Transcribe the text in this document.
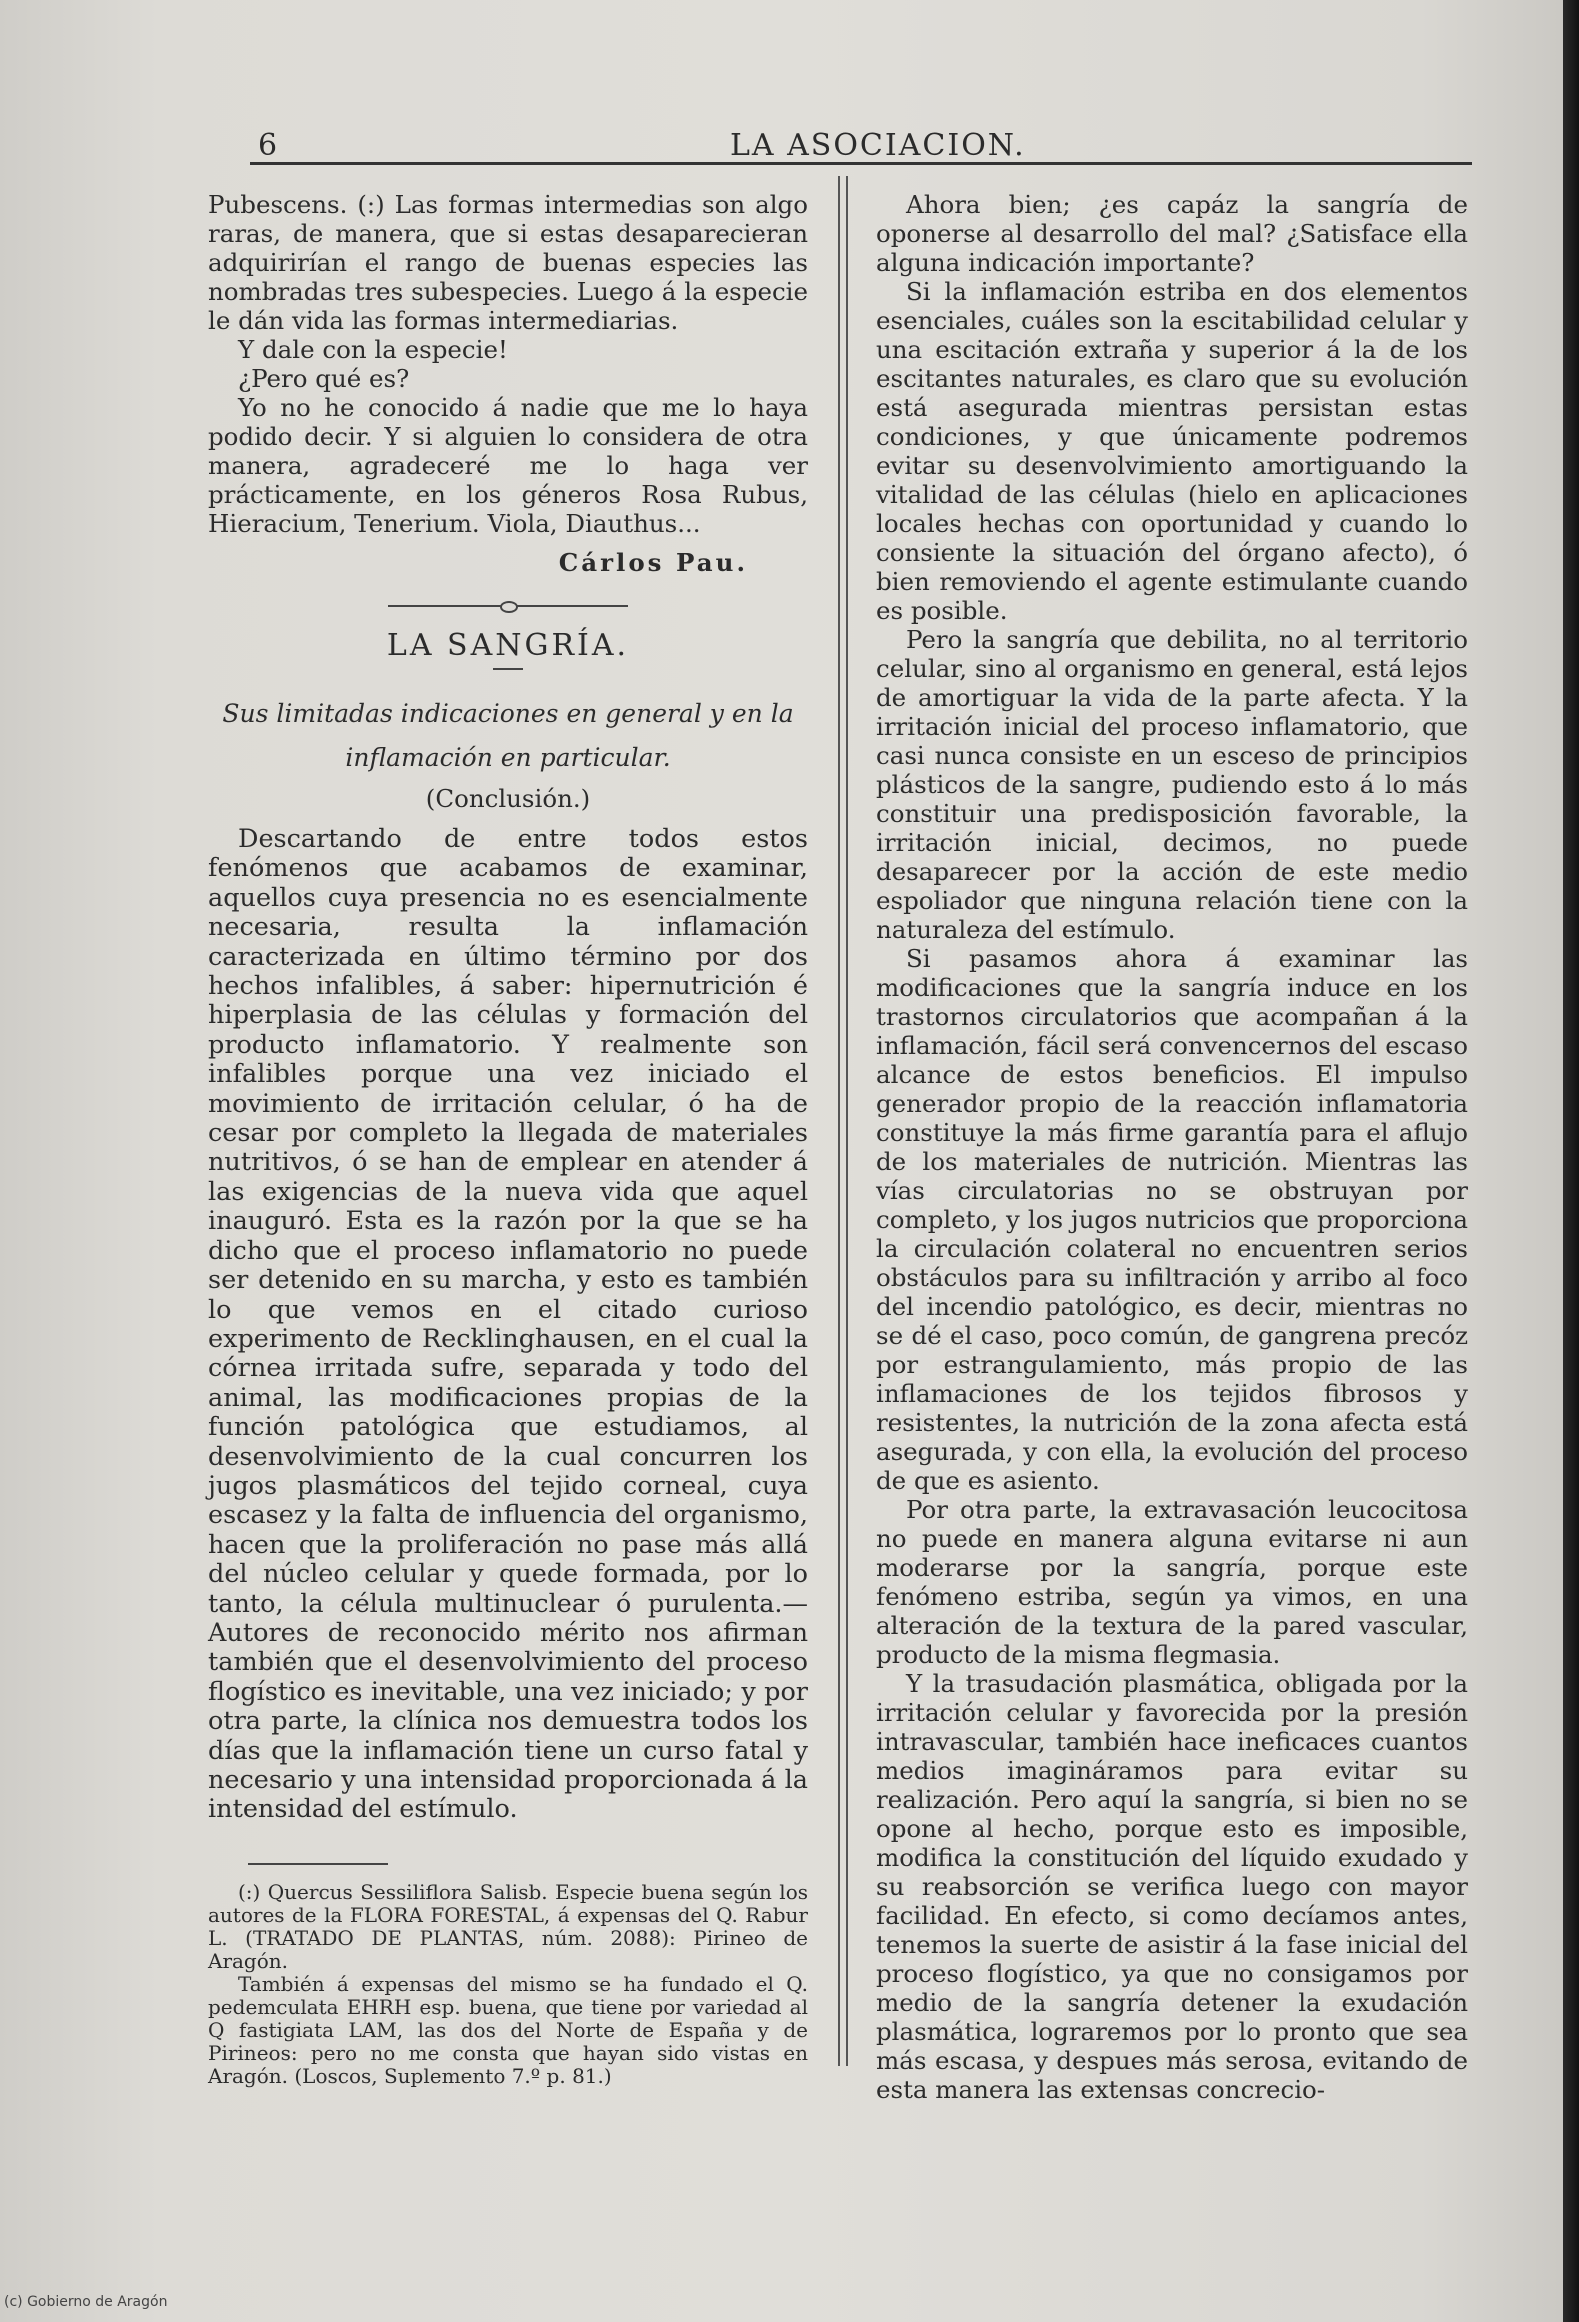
6	LA ASOCIACION.

Pubescens. (:) Las formas intermedias son algo raras, de manera, que si estas desaparecieran adquirirían el rango de buenas especies las nombradas tres subespecies. Luego á la especie le dán vida las formas intermediarias.

Y dale con la especie!

¿Pero qué es?

Yo no he conocido á nadie que me lo haya podido decir. Y si alguien lo considera de otra manera, agradeceré me lo haga ver prácticamente, en los géneros Rosa Rubus, Hieracium, Tenerium. Viola, Diauthus...

Cárlos Pau.

LA SANGRÍA.

Sus limitadas indicaciones en general y en la

inflamación en particular.

(Conclusión.)

Descartando de entre todos estos fenómenos que acabamos de examinar, aquellos cuya presencia no es esencialmente necesaria, resulta la inflamación caracterizada en último término por dos hechos infalibles, á saber: hipernutrición é hiperplasia de las células y formación del producto inflamatorio. Y realmente son infalibles porque una vez iniciado el movimiento de irritación celular, ó ha de cesar por completo la llegada de materiales nutritivos, ó se han de emplear en atender á las exigencias de la nueva vida que aquel inauguró. Esta es la razón por la que se ha dicho que el proceso inflamatorio no puede ser detenido en su marcha, y esto es también lo que vemos en el citado curioso experimento de Recklinghausen, en el cual la córnea irritada sufre, separada y todo del animal, las modificaciones propias de la función patológica que estudiamos, al desenvolvimiento de la cual concurren los jugos plasmáticos del tejido corneal, cuya escasez y la falta de influencia del organismo, hacen que la proliferación no pase más allá del núcleo celular y quede formada, por lo tanto, la célula multinuclear ó purulenta.—Autores de reconocido mérito nos afirman también que el desenvolvimiento del proceso flogístico es inevitable, una vez iniciado; y por otra parte, la clínica nos demuestra todos los días que la inflamación tiene un curso fatal y necesario y una intensidad proporcionada á la intensidad del estímulo.

(:) Quercus Sessiliflora Salisb. Especie buena según los autores de la FLORA FORESTAL, á expensas del Q. Rabur L. (TRATADO DE PLANTAS, núm. 2088): Pirineo de Aragón.

También á expensas del mismo se ha fundado el Q. pedemculata EHRH esp. buena, que tiene por variedad al Q fastigiata LAM, las dos del Norte de España y de Pirineos: pero no me consta que hayan sido vistas en Aragón. (Loscos, Suplemento 7.º p. 81.)

Ahora bien; ¿es capáz la sangría de oponerse al desarrollo del mal? ¿Satisface ella alguna indicación importante?

Si la inflamación estriba en dos elementos esenciales, cuáles son la escitabilidad celular y una escitación extraña y superior á la de los escitantes naturales, es claro que su evolución está asegurada mientras persistan estas condiciones, y que únicamente podremos evitar su desenvolvimiento amortiguando la vitalidad de las células (hielo en aplicaciones locales hechas con oportunidad y cuando lo consiente la situación del órgano afecto), ó bien removiendo el agente estimulante cuando es posible.

Pero la sangría que debilita, no al territorio celular, sino al organismo en general, está lejos de amortiguar la vida de la parte afecta. Y la irritación inicial del proceso inflamatorio, que casi nunca consiste en un esceso de principios plásticos de la sangre, pudiendo esto á lo más constituir una predisposición favorable, la irritación inicial, decimos, no puede desaparecer por la acción de este medio espoliador que ninguna relación tiene con la naturaleza del estímulo.

Si pasamos ahora á examinar las modificaciones que la sangría induce en los trastornos circulatorios que acompañan á la inflamación, fácil será convencernos del escaso alcance de estos beneficios. El impulso generador propio de la reacción inflamatoria constituye la más firme garantía para el aflujo de los materiales de nutrición. Mientras las vías circulatorias no se obstruyan por completo, y los jugos nutricios que proporciona la circulación colateral no encuentren serios obstáculos para su infiltración y arribo al foco del incendio patológico, es decir, mientras no se dé el caso, poco común, de gangrena precóz por estrangulamiento, más propio de las inflamaciones de los tejidos fibrosos y resistentes, la nutrición de la zona afecta está asegurada, y con ella, la evolución del proceso de que es asiento.

Por otra parte, la extravasación leucocitosa no puede en manera alguna evitarse ni aun moderarse por la sangría, porque este fenómeno estriba, según ya vimos, en una alteración de la textura de la pared vascular, producto de la misma flegmasia.

Y la trasudación plasmática, obligada por la irritación celular y favorecida por la presión intravascular, también hace ineficaces cuantos medios imagináramos para evitar su realización. Pero aquí la sangría, si bien no se opone al hecho, porque esto es imposible, modifica la constitución del líquido exudado y su reabsorción se verifica luego con mayor facilidad. En efecto, si como decíamos antes, tenemos la suerte de asistir á la fase inicial del proceso flogístico, ya que no consigamos por medio de la sangría detener la exudación plasmática, lograremos por lo pronto que sea más escasa, y despues más serosa, evitando de esta manera las extensas concrecio-

(c) Gobierno de Aragón
